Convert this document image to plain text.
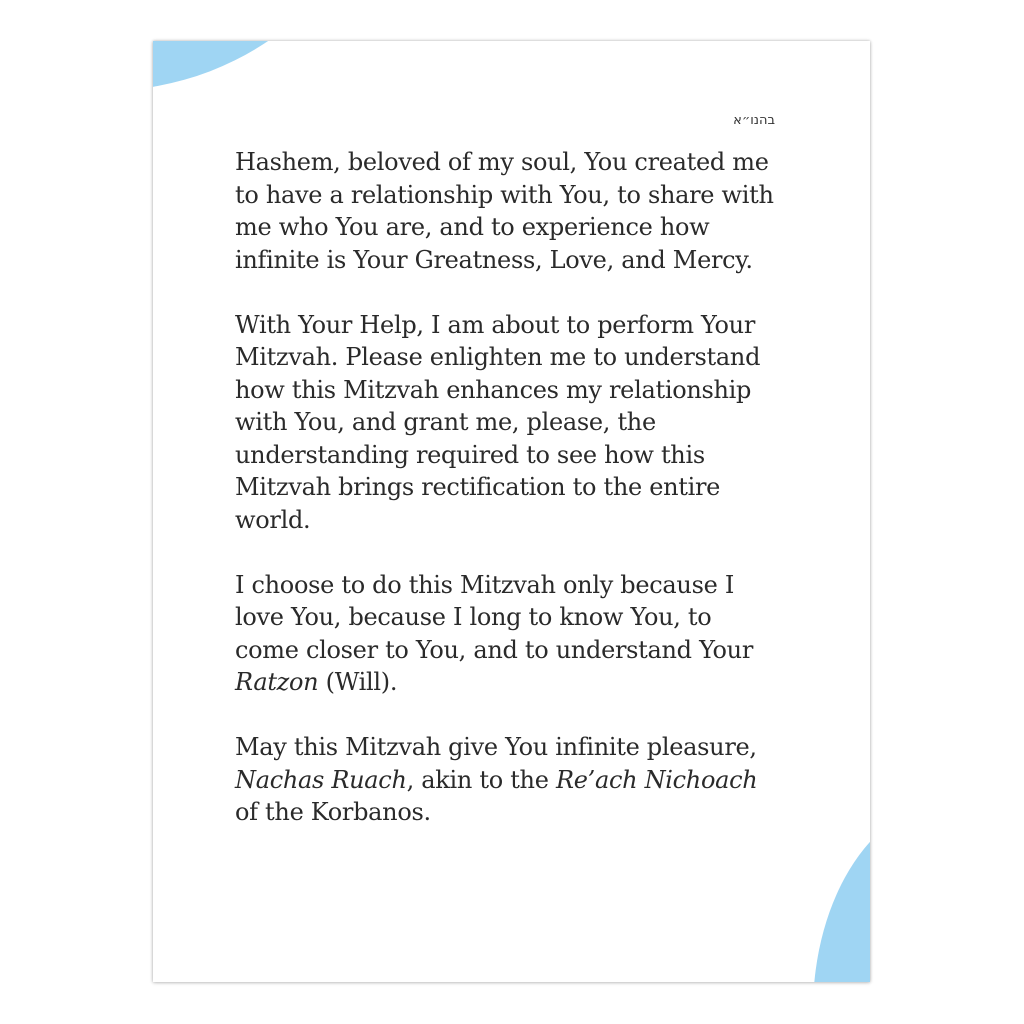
בהנו״א

Hashem, beloved of my soul, You created me to have a relationship with You, to share with me who You are, and to experience how infinite is Your Greatness, Love, and Mercy.

With Your Help, I am about to perform Your Mitzvah. Please enlighten me to understand how this Mitzvah enhances my relationship with You, and grant me, please, the understanding required to see how this Mitzvah brings rectification to the entire world.

I choose to do this Mitzvah only because I love You, because I long to know You, to come closer to You, and to understand Your Ratzon (Will).

May this Mitzvah give You infinite pleasure, Nachas Ruach, akin to the Re’ach Nichoach of the Korbanos.
